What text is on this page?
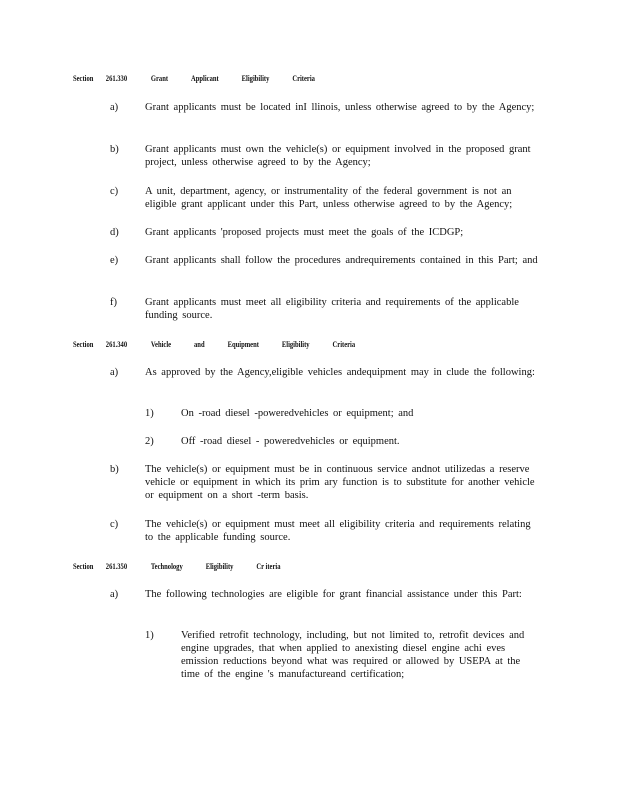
Section 261.330	Grant	Applicant	Eligibility	Criteria
a)	Grant applicants must be located inI llinois, unless otherwise agreed to by the Agency;
b)	Grant applicants must own the vehicle(s) or equipment involved in the proposed grant project, unless otherwise agreed to by the Agency;
c)	A unit, department, agency, or instrumentality of the federal government is not an eligible grant applicant under this Part, unless otherwise agreed to by the Agency;
d)	Grant applicants 'proposed projects must meet the goals of the ICDGP;
e)	Grant applicants shall follow the procedures andrequirements contained in this Part; and
f)	Grant applicants must meet all eligibility criteria and requirements of the applicable funding source.
Section 261.340	Vehicle	and	Equipment	Eligibility	Criteria
a)	As approved by the Agency,eligible vehicles andequipment may in clude the following:
1)	On -road diesel -poweredvehicles or equipment; and
2)	Off -road diesel - poweredvehicles or equipment.
b)	The vehicle(s) or equipment must be in continuous service andnot utilizedas a reserve vehicle or equipment in which its prim ary function is to substitute for another vehicle or equipment on a short -term basis.
c)	The vehicle(s) or equipment must meet all eligibility criteria and requirements relating to the applicable funding source.
Section 261.350	Technology	Eligibility	Cr iteria
a)	The following technologies are eligible for grant financial assistance under this Part:
1)	Verified retrofit technology, including, but not limited to, retrofit devices and engine upgrades, that when applied to anexisting diesel engine achi eves emission reductions beyond what was required or allowed by USEPA at the time of the engine 's manufactureand certification;
